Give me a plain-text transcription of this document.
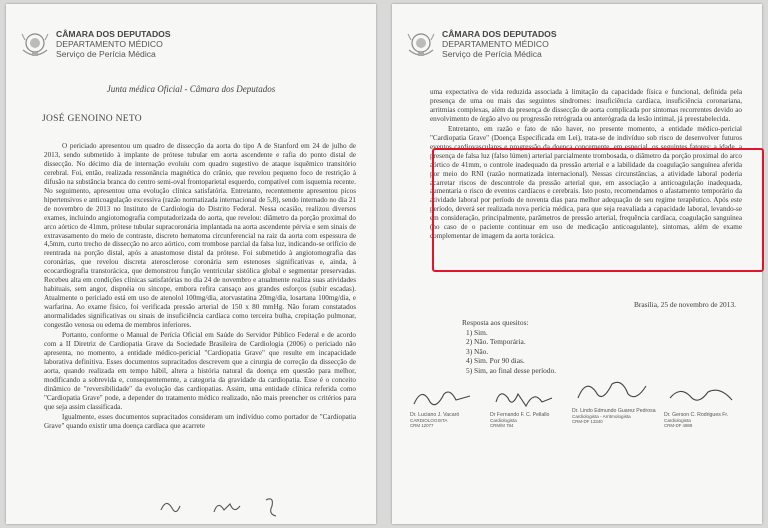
CÂMARA DOS DEPUTADOS
DEPARTAMENTO MÉDICO
Serviço de Perícia Médica
Junta médica Oficial - Câmara dos Deputados
JOSÉ GENOINO NETO

O periciado apresentou um quadro de dissecção da aorta do tipo A de Stanford em 24 de julho de 2013, sendo submetido à implante de prótese tubular em aorta ascendente e rafia do ponto distal de dissecção. No décimo dia de internação evoluiu com quadro sugestivo de ataque isquêmico transitório cerebral. Foi, então, realizada ressonância magnética do crânio, que revelou pequeno foco de restrição à difusão na substância branca do centro semi-oval frontoparietal esquerdo, compatível com isquemia recente. No seguimento, apresentou uma evolução clínica satisfatória. Entretanto, recentemente apresentou picos hipertensivos e anticoagulação excessiva (razão normatizada internacional de 5,8), sendo internado no dia 21 de novembro de 2013 no Instituto de Cardiologia do Distrito Federal. Nessa ocasião, realizou diversos exames, incluindo angiotomografia computadorizada do aorta, que revelou: diâmetro da porção proximal do arco aórtico de 41mm, prótese tubular supracoronária implantada na aorta ascendente pérvia e sem sinais de extravasamento do meio de contraste, discreto hematoma circunferencial na raiz da aorta com espessura de 4,5mm, curto trecho de dissecção no arco aórtico, com trombose parcial da falsa luz, indicando-se orifício de reentrada na porção distal, após a anastomose distal da prótese. Foi submetido à angiotomografia das coronárias, que revelou discreta aterosclerose coronária sem estenoses significativas e, ainda, à ecocardiografia transtorácica, que demonstrou função ventricular sistólica global e segmentar preservadas. Recebeu alta em condições clínicas satisfatórias no dia 24 de novembro e atualmente realiza suas atividades habituais, sem angor, dispnéia ou síncope, embora refira cansaço aos grandes esforços (subir escadas). Atualmente o periciado está em uso de atenolol 100mg/dia, atorvastatina 20mg/dia, losartana 100mg/dia, e warfarina. Ao exame físico, foi verificada pressão arterial de 150 x 80 mmHg. Não foram constatados anormalidades significativas ou sinais de insuficiência cardíaca como terceira bulha, crepitação pulmonar, congestão venosa ou edema de membros inferiores.

Portanto, conforme o Manual de Perícia Oficial em Saúde do Servidor Público Federal e de acordo com a II Diretriz de Cardiopatia Grave da Sociedade Brasileira de Cardiologia (2006) o periciado não apresenta, no momento, a entidade médico-pericial "Cardiopatia Grave" que resulte em incapacidade laborativa definitiva. Esses documentos supracitados descrevem que a cirurgia de correção da dissecção de aorta, quando realizada em tempo hábil, altera a história natural da doença em questão para melhor, modificando a sobrevida e, consequentemente, a categoria da gravidade da cardiopatia. Esse é o conceito dinâmico de "reversibilidade" da evolução das cardiopatias. Assim, uma entidade clínica referida como "Cardiopatia Grave" pode, a depender do tratamento médico realizado, não mais preencher os critérios para que seja assim classificada.

Igualmente, esses documentos supracitados consideram um indivíduo como portador de "Cardiopatia Grave" quando existir uma doença cardíaca que acarrete

CÂMARA DOS DEPUTADOS
DEPARTAMENTO MÉDICO
Serviço de Perícia Médica

uma expectativa de vida reduzida associada à limitação da capacidade física e funcional, definida pela presença de uma ou mais das seguintes síndromes: insuficiência cardíaca, insuficiência coronariana, arritmias complexas, além da presença de dissecção de aorta complicada por sintomas recorrentes devido ao envolvimento de órgão alvo ou progressão retrógrada ou anterógrada da lesão intimal, já preestabelecida.

Entretanto, em razão e fato de não haver, no presente momento, a entidade médico-pericial "Cardiopatia Grave" (Doença Especificada em Lei), trata-se de indivíduo sob risco de desenvolver futuros eventos cardiovasculares e progressão da doença concernente, em especial, os seguintes fatores: a idade, a presença de falsa luz (falso lúmen) arterial parcialmente trombosada, o diâmetro da porção proximal do arco aórtico de 41mm, o controle inadequado da pressão arterial e a labilidade da coagulação sanguínea aferida por meio do RNI (razão normatizada internacional). Nessas circunstâncias, a atividade laboral poderia acarretar riscos de descontrole da pressão arterial que, em associação a anticoagulação inadequada, aumentaria o risco de eventos cardíacos e cerebrais. Isto posto, recomendamos o afastamento temporário da atividade laboral por período de noventa dias para melhor adequação de seu regime terapêutico. Após este período, deverá ser realizada nova perícia médica, para que seja reavaliada a capacidade laboral, levando-se em consideração, principalmente, parâmetros de pressão arterial, frequência cardíaca, coagulação sanguínea (no caso de o paciente continuar em uso de medicação anticoagulante), sintomas, além de exame complementar de imagem da aorta torácica.

Brasília, 25 de novembro de 2013.
Resposta aos quesitos:
1) Sim.
2) Não. Temporária.
3) Não.
4) Sim. Por 90 dias.
5) Sim, ao final desse período.
Dr. Luciano J. Vacaró
CARDIOLOGISTA
CRM 12077
Dr Fernando F. C. Pellallo
Cardiologista
CRM/M 784
Dr. Lindo Edmundo Guarez Pedrosa
Cardiologista - Arritmologista
CRM-DF 13340
Dr. Gerson C. Rodrigues Fr.
Cardiologista
CRM-DF 4989
